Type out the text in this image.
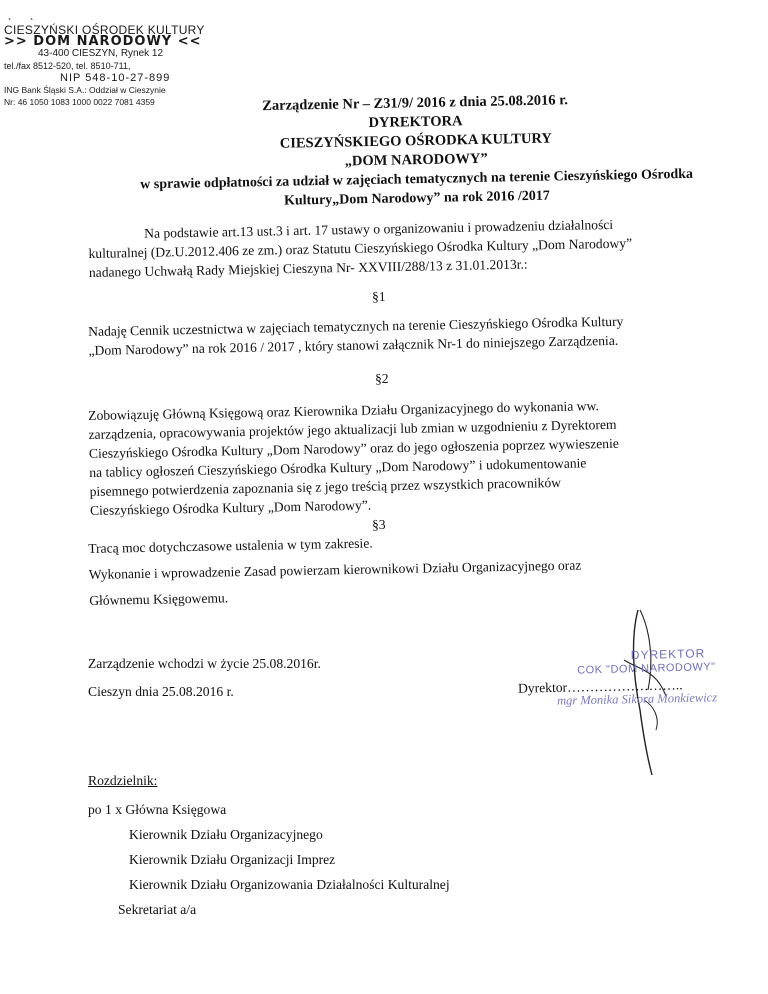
¸ ¸
CIESZYŃSKI OŚRODEK KULTURY
>> DOM NARODOWY <<
43-400 CIESZYN, Rynek 12
tel./fax 8512-520, tel. 8510-711,
NIP 548-10-27-899
ING Bank Śląski S.A.: Oddział w Cieszynie
Nr: 46 1050 1083 1000 0022 7081 4359	Zarządzenie Nr – Z31/9/ 2016 z dnia 25.08.2016 r.
DYREKTORA
CIESZYŃSKIEGO OŚRODKA KULTURY
„DOM NARODOWY”
w sprawie odpłatności za udział w zajęciach tematycznych na terenie Cieszyńskiego Ośrodka
Kultury„Dom Narodowy” na rok 2016 /2017
Na podstawie art.13 ust.3 i art. 17 ustawy o organizowaniu i prowadzeniu działalności
kulturalnej (Dz.U.2012.406 ze zm.) oraz Statutu Cieszyńskiego Ośrodka Kultury „Dom Narodowy”
nadanego Uchwałą Rady Miejskiej Cieszyna Nr- XXVIII/288/13 z 31.01.2013r.:
§1
Nadaję Cennik uczestnictwa w zajęciach tematycznych na terenie Cieszyńskiego Ośrodka Kultury
„Dom Narodowy” na rok 2016 / 2017 , który stanowi załącznik Nr-1 do niniejszego Zarządzenia.
§2
Zobowiązuję Główną Księgową oraz Kierownika Działu Organizacyjnego do wykonania ww.
zarządzenia, opracowywania projektów jego aktualizacji lub zmian w uzgodnieniu z Dyrektorem
Cieszyńskiego Ośrodka Kultury „Dom Narodowy” oraz do jego ogłoszenia poprzez wywieszenie
na tablicy ogłoszeń Cieszyńskiego Ośrodka Kultury „Dom Narodowy” i udokumentowanie
pisemnego potwierdzenia zapoznania się z jego treścią przez wszystkich pracowników
Cieszyńskiego Ośrodka Kultury „Dom Narodowy”.
§3
Tracą moc dotychczasowe ustalenia w tym zakresie.
Wykonanie i wprowadzenie Zasad powierzam kierownikowi Działu Organizacyjnego oraz
Głównemu Księgowemu.
Zarządzenie wchodzi w życie 25.08.2016r.
Cieszyn dnia 25.08.2016 r.
DYREKTOR
COK "DOM NARODOWY"
Dyrektor……………………..
mgr Monika Sikora Monkiewicz
Rozdzielnik:
po 1 x Główna Księgowa
Kierownik Działu Organizacyjnego
Kierownik Działu Organizacji Imprez
Kierownik Działu Organizowania Działalności Kulturalnej
Sekretariat a/a
